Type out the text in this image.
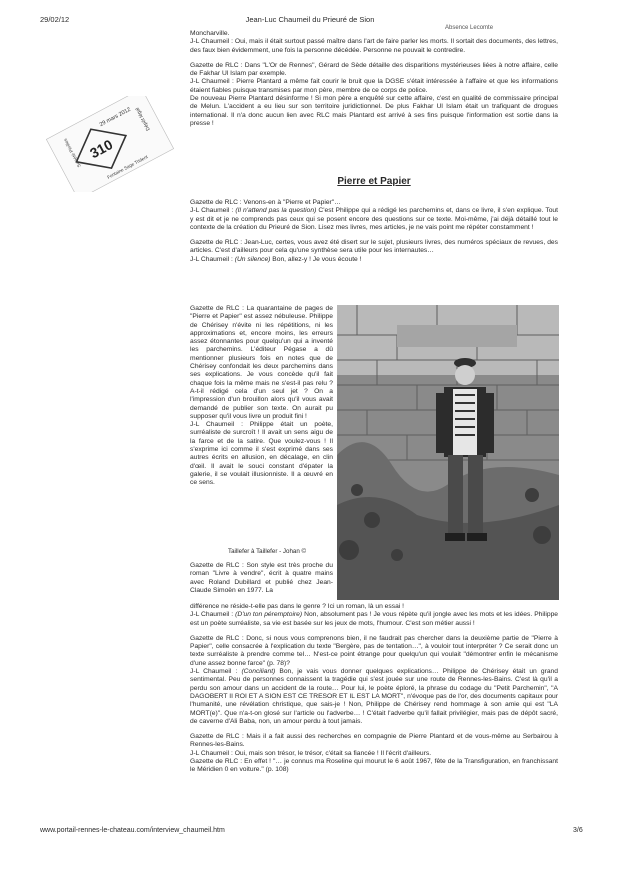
29/02/12	Jean-Luc Chaumeil du Prieuré de Sion
Absence Lecomte
310
29 mars 2012 Dépôt légal
Société Périllos	Fontaine Sage Trident

Moncharville.

J-L Chaumeil : Oui, mais il était surtout passé maître dans l'art de faire parler les morts. Il sortait des documents, des lettres, des faux bien évidemment, une fois la personne décédée. Personne ne pouvait le contredire.

Gazette de RLC : Dans "L'Or de Rennes", Gérard de Sède détaille des disparitions mystérieuses liées à notre affaire, celle de Fakhar Ul Islam par exemple.
J-L Chaumeil : Pierre Plantard a même fait courir le bruit que la DGSE s'était intéressée à l'affaire et que les informations étaient fiables puisque transmises par mon père, membre de ce corps de police.
De nouveau Pierre Plantard désinforme ! Si mon père a enquêté sur cette affaire, c'est en qualité de commissaire principal de Melun. L'accident a eu lieu sur son territoire juridictionnel. De plus Fakhar Ul Islam était un trafiquant de drogues international. Il n'a donc aucun lien avec RLC mais Plantard est arrivé à ses fins puisque l'information est sortie dans la presse !

Pierre et Papier

Gazette de RLC : Venons-en à "Pierre et Papier"…
J-L Chaumeil : (Il n'attend pas la question) C'est Philippe qui a rédigé les parchemins et, dans ce livre, il s'en explique. Tout y est dit et je ne comprends pas ceux qui se posent encore des questions sur ce texte. Moi-même, j'ai déjà détaillé tout le contexte de la création du Prieuré de Sion. Lisez mes livres, mes articles, je ne vais point me répéter constamment !

Gazette de RLC : Jean-Luc, certes, vous avez été disert sur le sujet, plusieurs livres, des numéros spéciaux de revues, des articles. C'est d'ailleurs pour cela qu'une synthèse sera utile pour les internautes…
J-L Chaumeil : (Un silence) Bon, allez-y ! Je vous écoute !

Gazette de RLC : La quarantaine de pages de "Pierre et Papier" est assez nébuleuse. Philippe de Chérisey n'évite ni les répétitions, ni les approximations et, encore moins, les erreurs assez étonnantes pour quelqu'un qui a inventé les parchemins. L'éditeur Pégase a dû mentionner plusieurs fois en notes que de Chérisey confondait les deux parchemins dans ses explications. Je vous concède qu'il fait chaque fois la même mais ne s'est-il pas relu ? A-t-il rédigé cela d'un seul jet ? On a l'impression d'un brouillon alors qu'il vous avait demandé de publier son texte. On aurait pu supposer qu'il vous livre un produit fini !
J-L Chaumeil : Philippe était un poète, surréaliste de surcroît ! Il avait un sens aigu de la farce et de la satire. Que voulez-vous ! Il s'exprime ici comme il s'est exprimé dans ses autres écrits en allusion, en décalage, en clin d'œil. Il avait le souci constant d'épater la galerie, il se voulait illusionniste. Il a œuvré en ce sens.

Taillefer à Taillefer - Johan ©

Gazette de RLC : Son style est très proche du roman "Livre à vendre", écrit à quatre mains avec Roland Dubillard et publié chez Jean-Claude Simoën en 1977. La

différence ne réside-t-elle pas dans le genre ? Ici un roman, là un essai !
J-L Chaumeil : (D'un ton péremptoire) Non, absolument pas ! Je vous répète qu'il jongle avec les mots et les idées. Philippe est un poète surréaliste, sa vie est basée sur les jeux de mots, l'humour. C'est son métier aussi !

Gazette de RLC : Donc, si nous vous comprenons bien, il ne faudrait pas chercher dans la deuxième partie de "Pierre à Papier", celle consacrée à l'explication du texte "Bergère, pas de tentation…", à vouloir tout interpréter ? Ce serait donc un texte surréaliste à prendre comme tel… N'est-ce point étrange pour quelqu'un qui voulait "démontrer enfin le mécanisme d'une assez bonne farce" (p. 78)?
J-L Chaumeil : (Conciliant) Bon, je vais vous donner quelques explications… Philippe de Chérisey était un grand sentimental. Peu de personnes connaissent la tragédie qui s'est jouée sur une route de Rennes-les-Bains. C'est là qu'il a perdu son amour dans un accident de la route… Pour lui, le poète éploré, la phrase du codage du "Petit Parchemin", "A DAGOBERT II ROI ET A SION EST CE TRESOR ET IL EST LA MORT", n'évoque pas de l'or, des documents capitaux pour l'humanité, une révélation christique, que sais-je ! Non, Philippe de Chérisey rend hommage à son amie qui est "LA MORT(e)". Que n'a-t-on glosé sur l'article ou l'adverbe… ! C'était l'adverbe qu'il fallait privilégier, mais pas de dépôt sacré, de caverne d'Ali Baba, non, un amour perdu à tout jamais.

Gazette de RLC : Mais il a fait aussi des recherches en compagnie de Pierre Plantard et de vous-même au Serbairou à Rennes-les-Bains.
J-L Chaumeil : Oui, mais son trésor, le trésor, c'était sa fiancée ! Il l'écrit d'ailleurs.
Gazette de RLC : En effet ! "… je connus ma Roseline qui mourut le 6 août 1967, fête de la Transfiguration, en franchissant le Méridien 0 en voiture." (p. 108)

www.portail-rennes-le-chateau.com/interview_chaumeil.htm	3/6
